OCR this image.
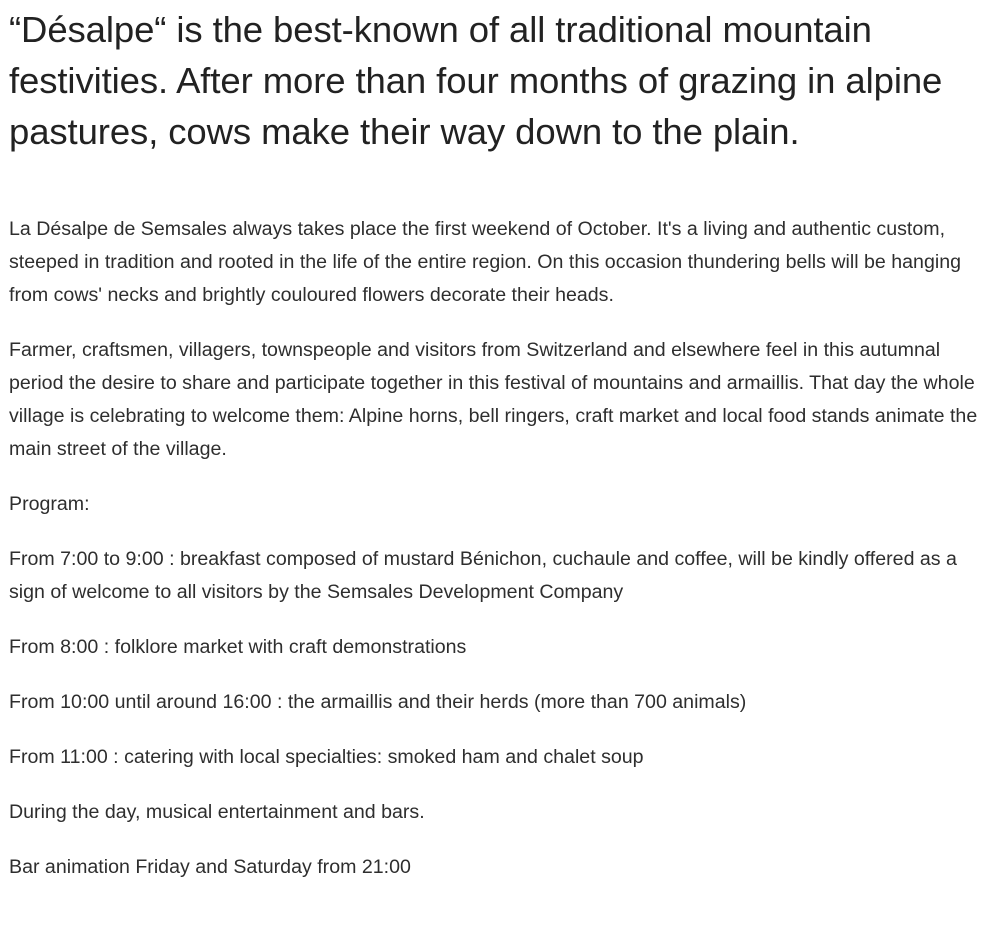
“Désalpe“ is the best-known of all traditional mountain festivities. After more than four months of grazing in alpine pastures, cows make their way down to the plain.

La Désalpe de Semsales always takes place the first weekend of October. It's a living and authentic custom, steeped in tradition and rooted in the life of the entire region. On this occasion thundering bells will be hanging from cows' necks and brightly couloured flowers decorate their heads.

Farmer, craftsmen, villagers, townspeople and visitors from Switzerland and elsewhere feel in this autumnal period the desire to share and participate together in this festival of mountains and armaillis. That day the whole village is celebrating to welcome them: Alpine horns, bell ringers, craft market and local food stands animate the main street of the village.

Program:

From 7:00 to 9:00 : breakfast composed of mustard Bénichon, cuchaule and coffee, will be kindly offered as a sign of welcome to all visitors by the Semsales Development Company

From 8:00 : folklore market with craft demonstrations

From 10:00 until around 16:00 : the armaillis and their herds (more than 700 animals)

From 11:00 : catering with local specialties: smoked ham and chalet soup

During the day, musical entertainment and bars.

Bar animation Friday and Saturday from 21:00
